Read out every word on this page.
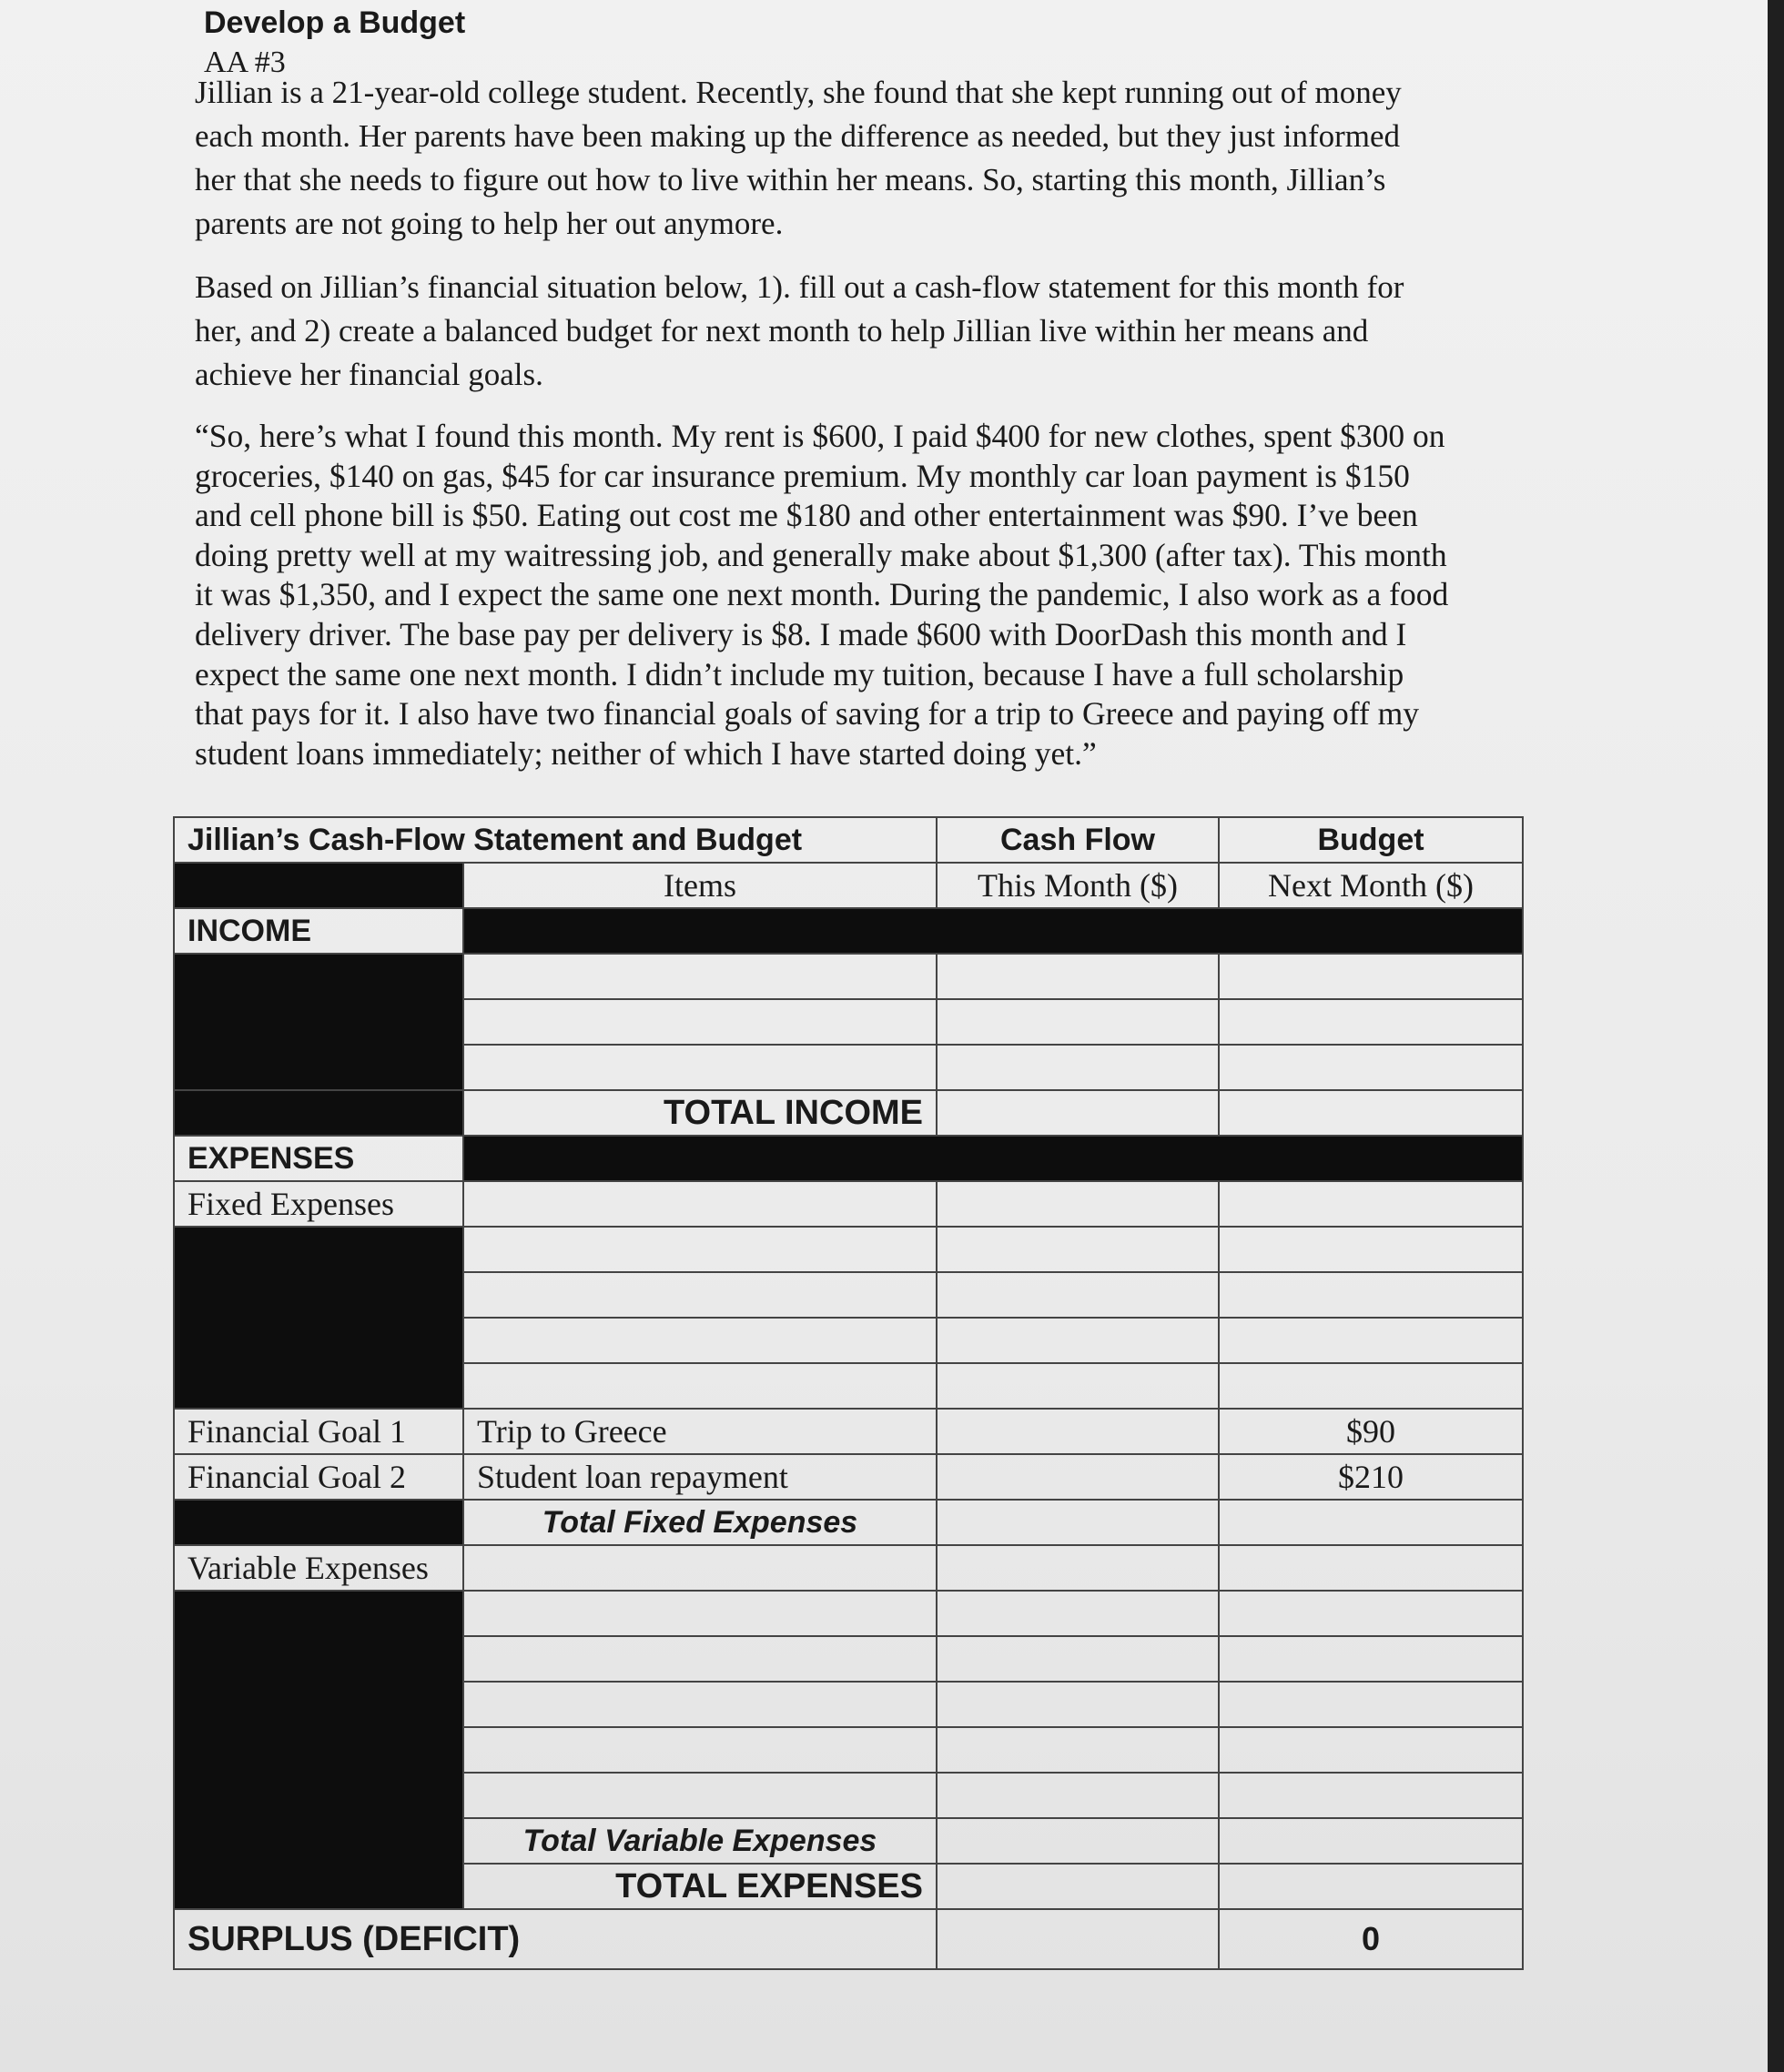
Develop a Budget
AA #3
Jillian is a 21-year-old college student. Recently, she found that she kept running out of money
each month. Her parents have been making up the difference as needed, but they just informed
her that she needs to figure out how to live within her means. So, starting this month, Jillian’s
parents are not going to help her out anymore.
Based on Jillian’s financial situation below, 1). fill out a cash-flow statement for this month for
her, and 2) create a balanced budget for next month to help Jillian live within her means and
achieve her financial goals.
“So, here’s what I found this month. My rent is $600, I paid $400 for new clothes, spent $300 on
groceries, $140 on gas, $45 for car insurance premium. My monthly car loan payment is $150
and cell phone bill is $50. Eating out cost me $180 and other entertainment was $90. I’ve been
doing pretty well at my waitressing job, and generally make about $1,300 (after tax). This month
it was $1,350, and I expect the same one next month. During the pandemic, I also work as a food
delivery driver. The base pay per delivery is $8. I made $600 with DoorDash this month and I
expect the same one next month. I didn’t include my tuition, because I have a full scholarship
that pays for it. I also have two financial goals of saving for a trip to Greece and paying off my
student loans immediately; neither of which I have started doing yet.”
Jillian’s Cash-Flow Statement and Budget		Cash Flow	Budget
	Items	This Month ($)	Next Month ($)
INCOME			

	TOTAL INCOME		
EXPENSES			
Fixed Expenses			

Financial Goal 1	Trip to Greece		$90
Financial Goal 2	Student loan repayment		$210
	Total Fixed Expenses		
Variable Expenses			

	Total Variable Expenses		
	TOTAL EXPENSES		
SURPLUS (DEFICIT)			0
